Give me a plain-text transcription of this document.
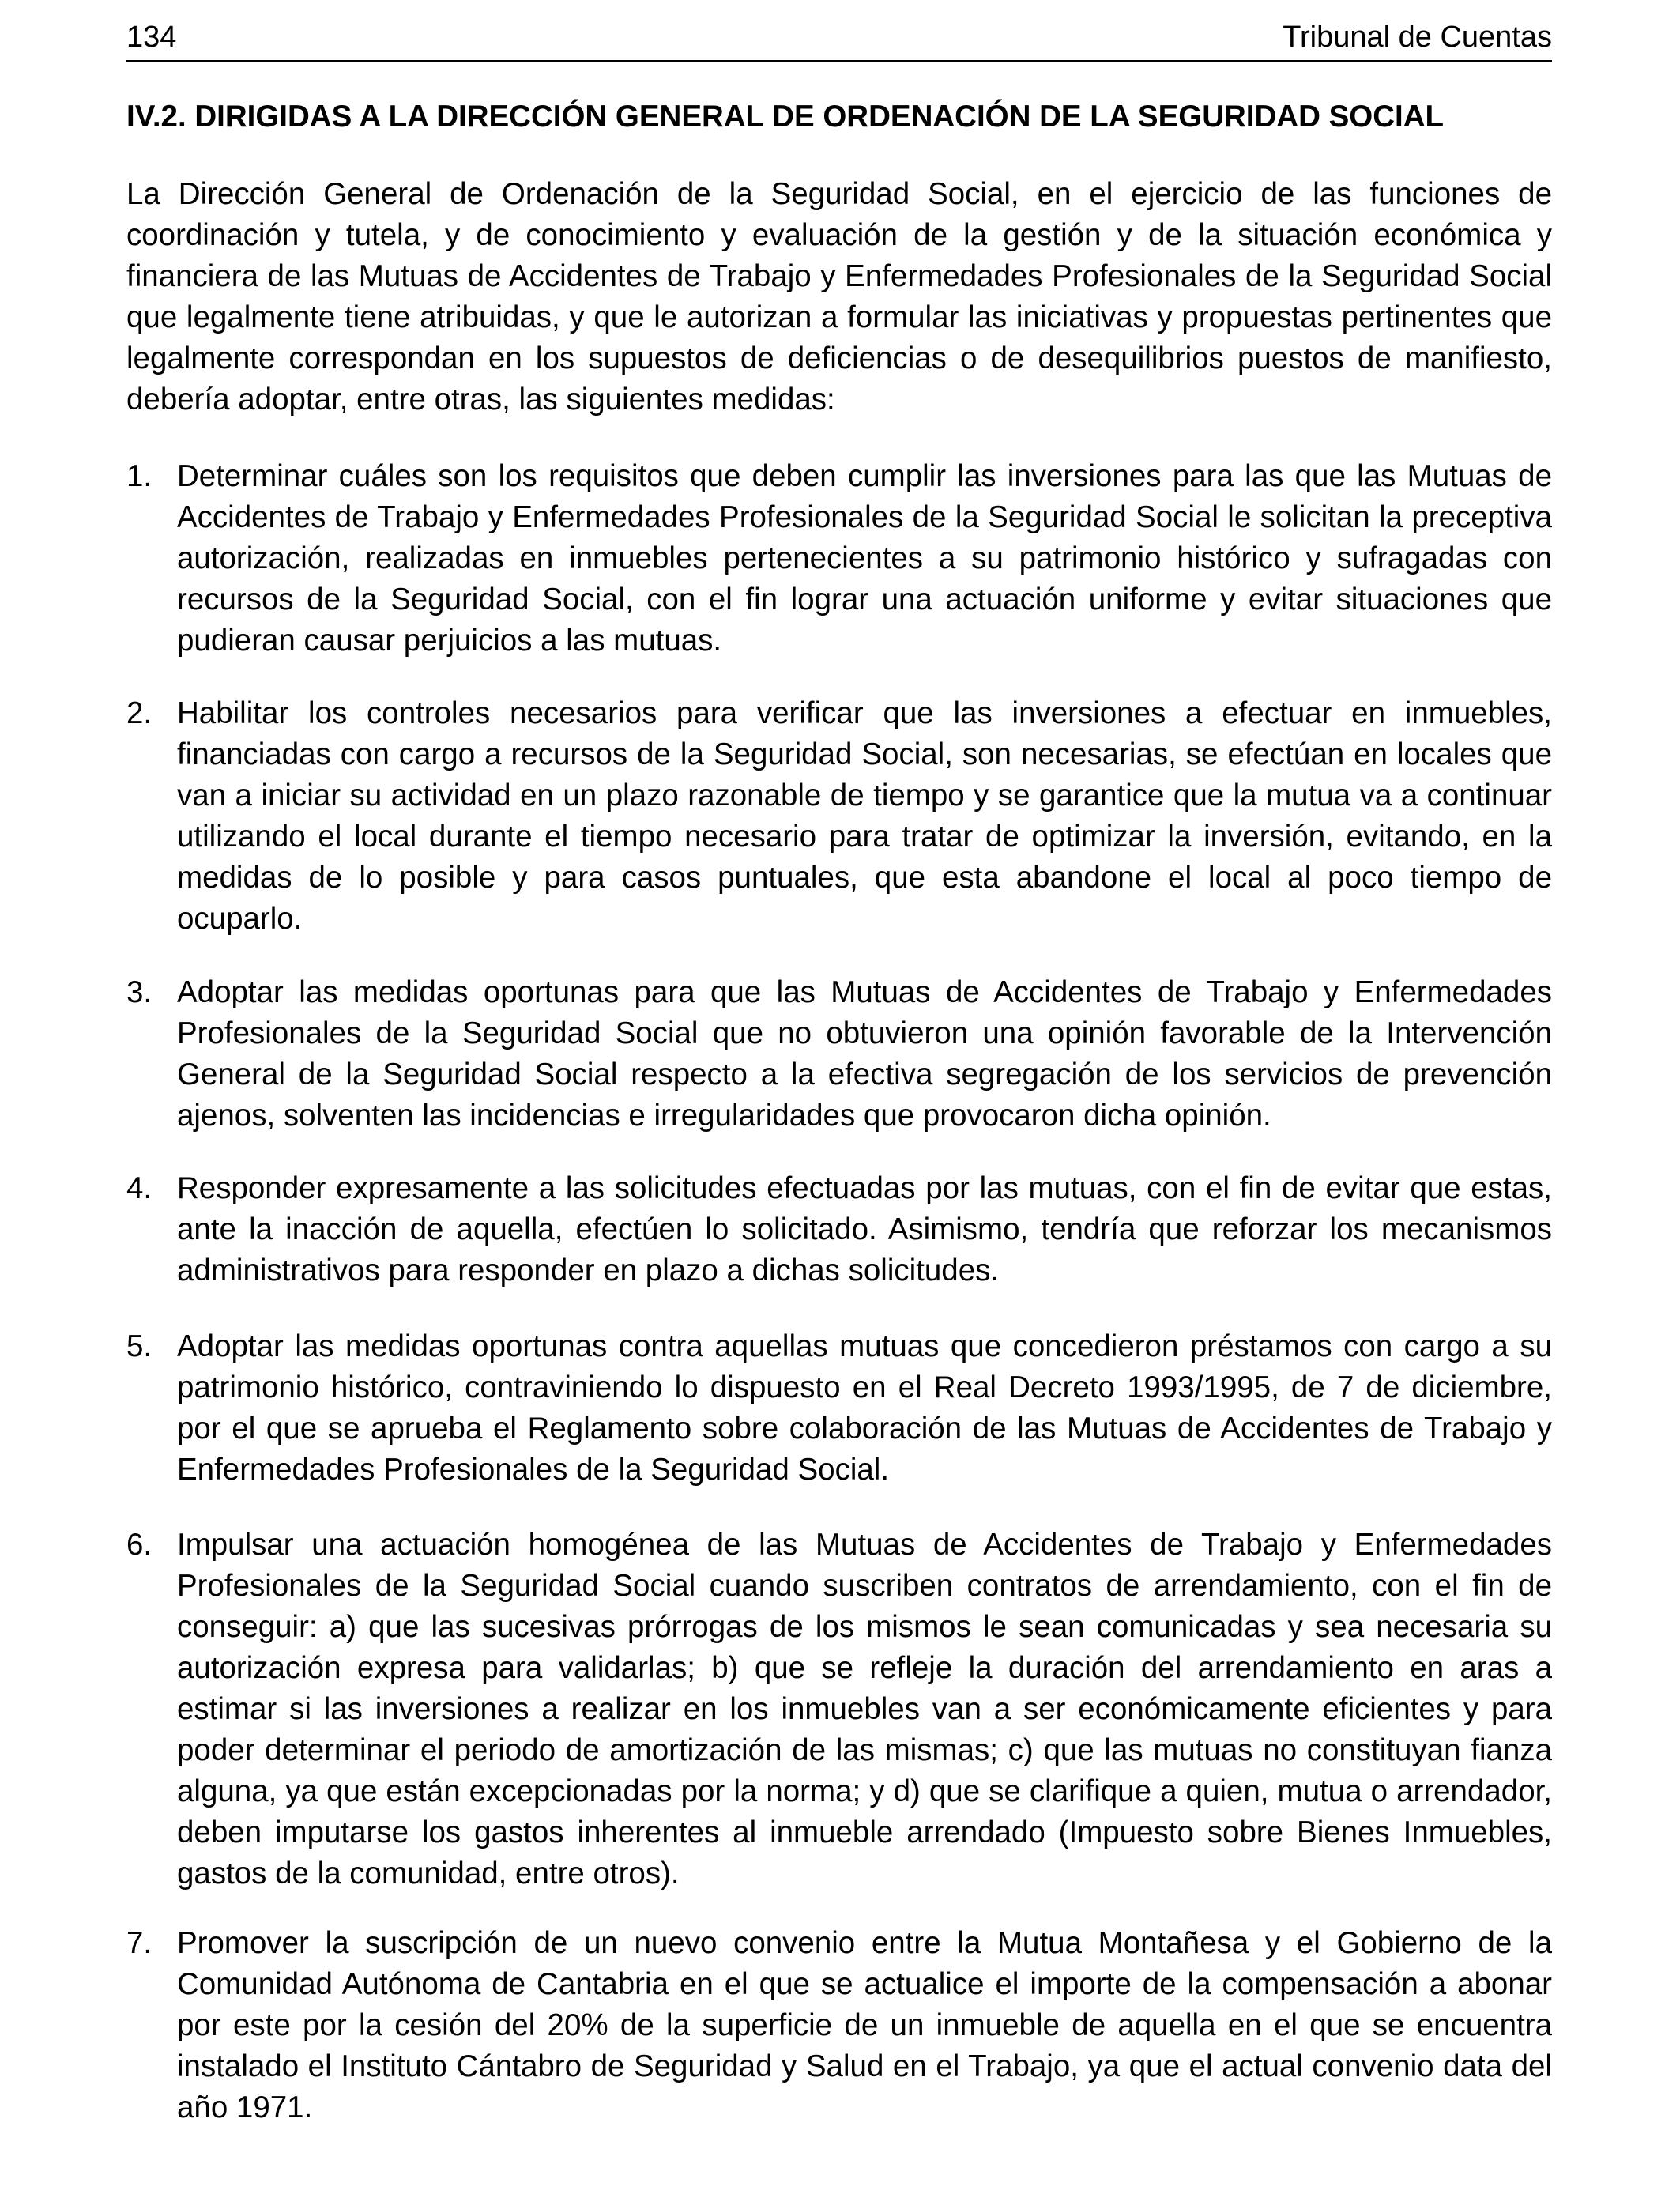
134	Tribunal de Cuentas
IV.2. DIRIGIDAS A LA DIRECCIÓN GENERAL DE ORDENACIÓN DE LA SEGURIDAD SOCIAL

La Dirección General de Ordenación de la Seguridad Social, en el ejercicio de las funciones de coordinación y tutela, y de conocimiento y evaluación de la gestión y de la situación económica y financiera de las Mutuas de Accidentes de Trabajo y Enfermedades Profesionales de la Seguridad Social que legalmente tiene atribuidas, y que le autorizan a formular las iniciativas y propuestas pertinentes que legalmente correspondan en los supuestos de deficiencias o de desequilibrios puestos de manifiesto, debería adoptar, entre otras, las siguientes medidas:

1. Determinar cuáles son los requisitos que deben cumplir las inversiones para las que las Mutuas de Accidentes de Trabajo y Enfermedades Profesionales de la Seguridad Social le solicitan la preceptiva autorización, realizadas en inmuebles pertenecientes a su patrimonio histórico y sufragadas con recursos de la Seguridad Social, con el fin lograr una actuación uniforme y evitar situaciones que pudieran causar perjuicios a las mutuas.
2. Habilitar los controles necesarios para verificar que las inversiones a efectuar en inmuebles, financiadas con cargo a recursos de la Seguridad Social, son necesarias, se efectúan en locales que van a iniciar su actividad en un plazo razonable de tiempo y se garantice que la mutua va a continuar utilizando el local durante el tiempo necesario para tratar de optimizar la inversión, evitando, en la medidas de lo posible y para casos puntuales, que esta abandone el local al poco tiempo de ocuparlo.
3. Adoptar las medidas oportunas para que las Mutuas de Accidentes de Trabajo y Enfermedades Profesionales de la Seguridad Social que no obtuvieron una opinión favorable de la Intervención General de la Seguridad Social respecto a la efectiva segregación de los servicios de prevención ajenos, solventen las incidencias e irregularidades que provocaron dicha opinión.
4. Responder expresamente a las solicitudes efectuadas por las mutuas, con el fin de evitar que estas, ante la inacción de aquella, efectúen lo solicitado. Asimismo, tendría que reforzar los mecanismos administrativos para responder en plazo a dichas solicitudes.
5. Adoptar las medidas oportunas contra aquellas mutuas que concedieron préstamos con cargo a su patrimonio histórico, contraviniendo lo dispuesto en el Real Decreto 1993/1995, de 7 de diciembre, por el que se aprueba el Reglamento sobre colaboración de las Mutuas de Accidentes de Trabajo y Enfermedades Profesionales de la Seguridad Social.
6. Impulsar una actuación homogénea de las Mutuas de Accidentes de Trabajo y Enfermedades Profesionales de la Seguridad Social cuando suscriben contratos de arrendamiento, con el fin de conseguir: a) que las sucesivas prórrogas de los mismos le sean comunicadas y sea necesaria su autorización expresa para validarlas; b) que se refleje la duración del arrendamiento en aras a estimar si las inversiones a realizar en los inmuebles van a ser económicamente eficientes y para poder determinar el periodo de amortización de las mismas; c) que las mutuas no constituyan fianza alguna, ya que están excepcionadas por la norma; y d) que se clarifique a quien, mutua o arrendador, deben imputarse los gastos inherentes al inmueble arrendado (Impuesto sobre Bienes Inmuebles, gastos de la comunidad, entre otros).
7. Promover la suscripción de un nuevo convenio entre la Mutua Montañesa y el Gobierno de la Comunidad Autónoma de Cantabria en el que se actualice el importe de la compensación a abonar por este por la cesión del 20% de la superficie de un inmueble de aquella en el que se encuentra instalado el Instituto Cántabro de Seguridad y Salud en el Trabajo, ya que el actual convenio data del año 1971.
